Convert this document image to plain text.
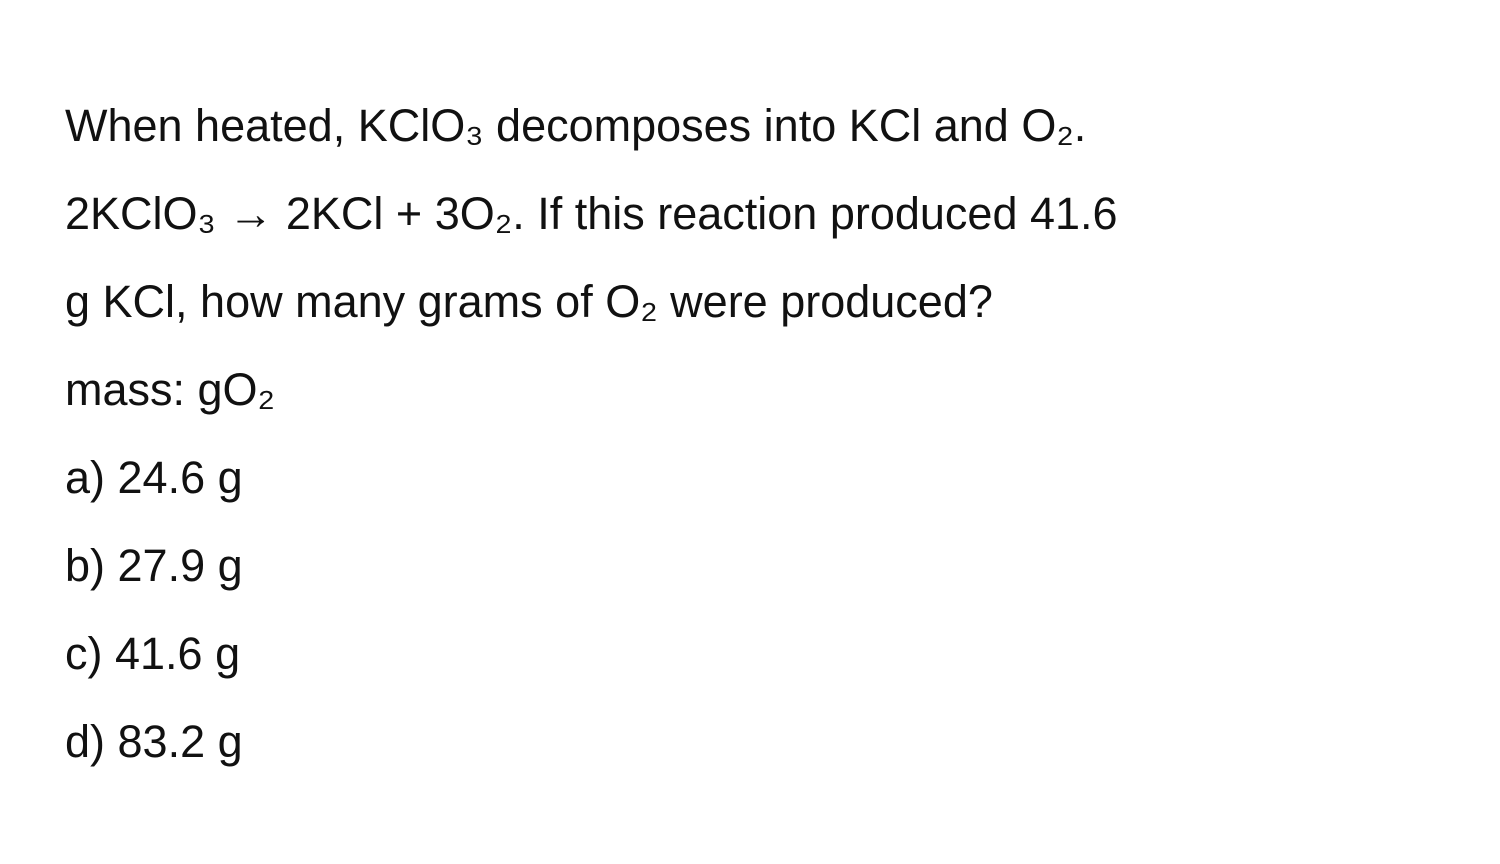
When heated, KClO₃ decomposes into KCl and O₂.
2KClO₃ → 2KCl + 3O₂. If this reaction produced 41.6
g KCl, how many grams of O₂ were produced?
mass: gO₂
a) 24.6 g
b) 27.9 g
c) 41.6 g
d) 83.2 g
